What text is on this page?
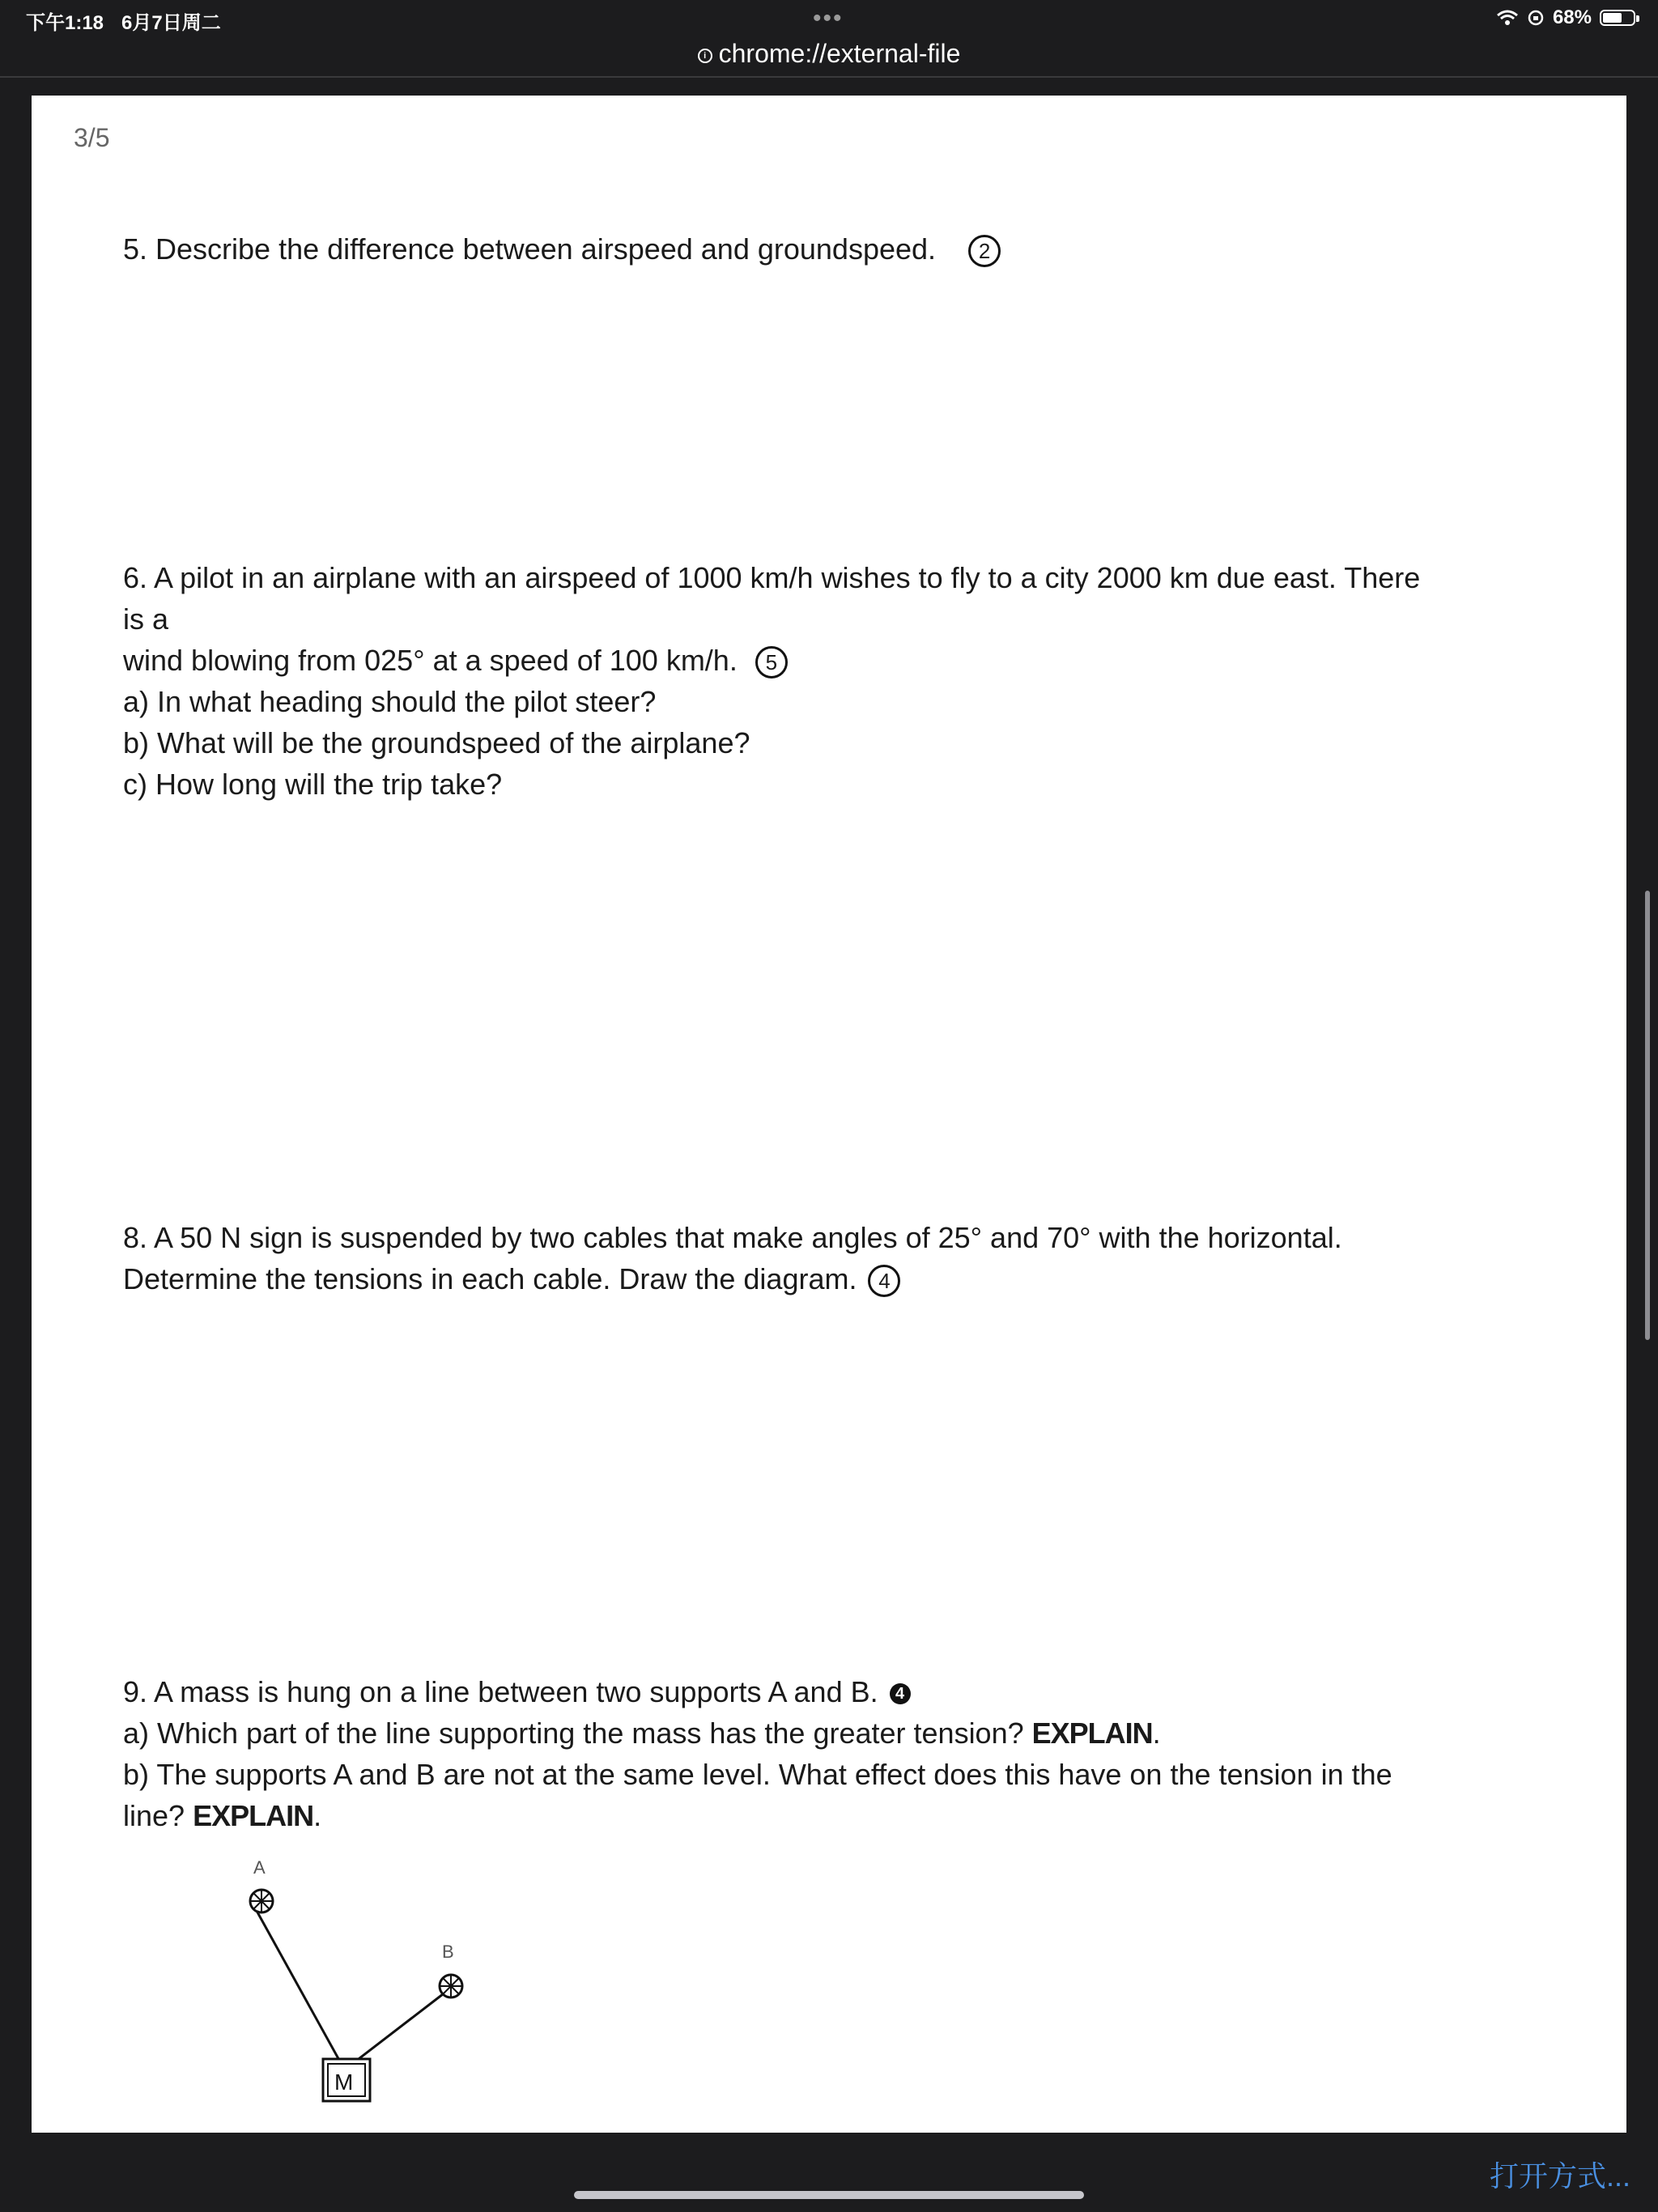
下午1:18 6月7日周二	•••	68%
i chrome://external-file
3/5
5. Describe the difference between airspeed and groundspeed. 2
6. A pilot in an airplane with an airspeed of 1000 km/h wishes to fly to a city 2000 km due east. There
is a
wind blowing from 025° at a speed of 100 km/h. 5
a) In what heading should the pilot steer?
b) What will be the groundspeed of the airplane?
c) How long will the trip take?
8. A 50 N sign is suspended by two cables that make angles of 25° and 70° with the horizontal.
Determine the tensions in each cable. Draw the diagram. 4
9. A mass is hung on a line between two supports A and B. 4
a) Which part of the line supporting the mass has the greater tension? EXPLAIN.
b) The supports A and B are not at the same level. What effect does this have on the tension in the
line? EXPLAIN.
A
B
M
打开方式...
